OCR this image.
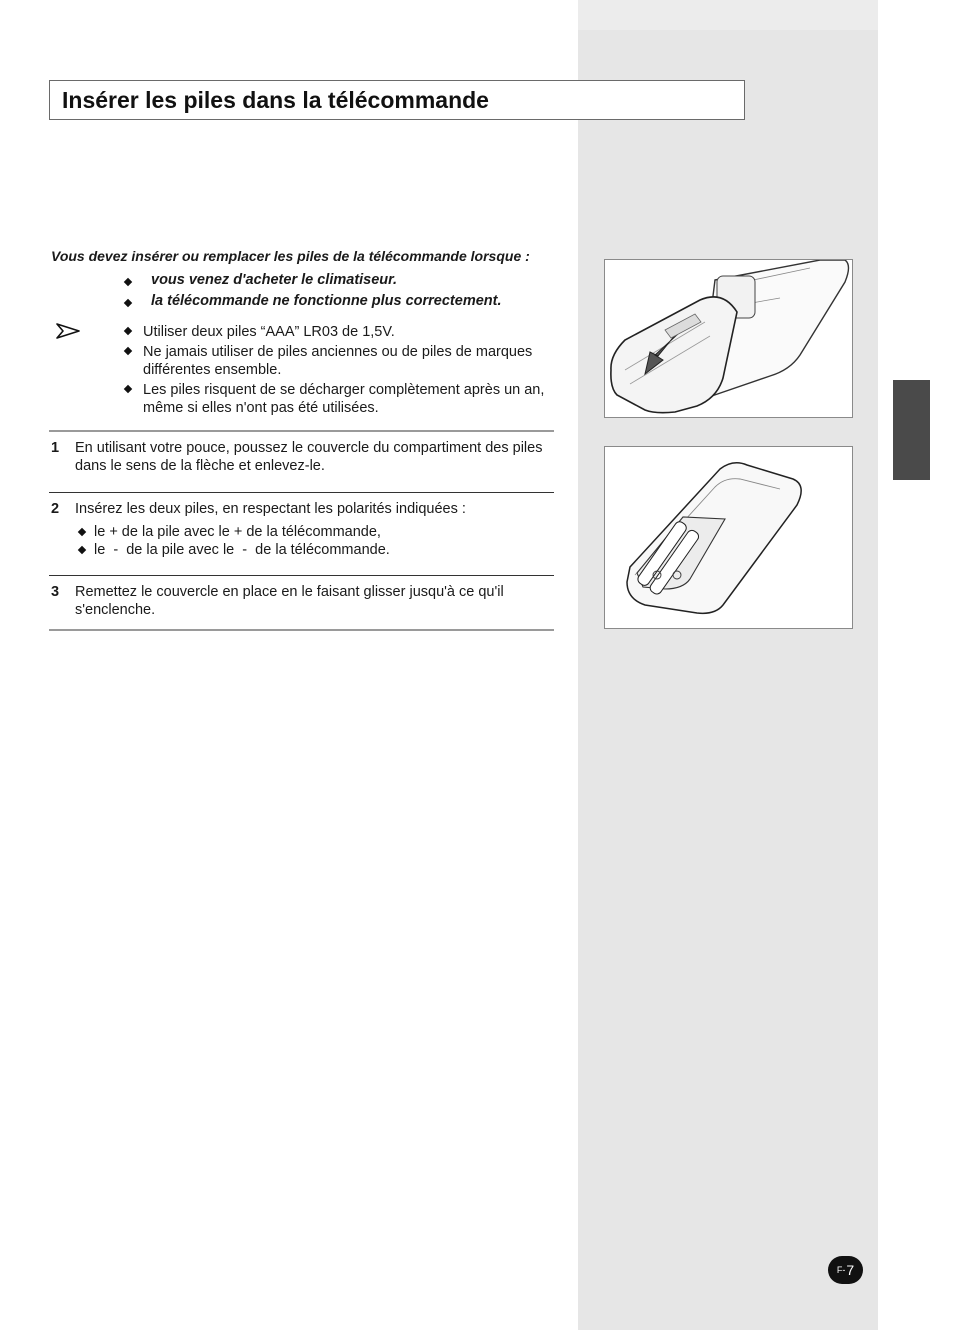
Insérer les piles dans la télécommande
Vous devez insérer ou remplacer les piles de la télécommande lorsque :
vous venez d'acheter le climatiseur.
la télécommande ne fonctionne plus correctement.
Utiliser deux piles “AAA” LR03 de 1,5V.
Ne jamais utiliser de piles anciennes ou de piles de marques différentes ensemble.
Les piles risquent de se décharger complètement après un an, même si elles n'ont pas été utilisées.
1 En utilisant votre pouce, poussez le couvercle du compartiment des piles dans le sens de la flèche et enlevez-le.
2 Insérez les deux piles, en respectant les polarités indiquées :
le + de la pile avec le + de la télécommande,
le  -  de la pile avec le  -  de la télécommande.
3 Remettez le couvercle en place en le faisant glisser jusqu'à ce qu'il s'enclenche.
F- 7
